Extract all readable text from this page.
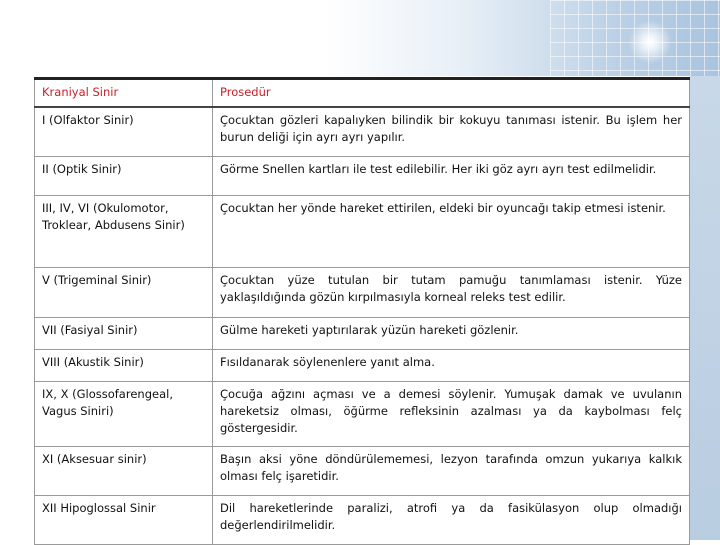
Kraniyal Sinir	Prosedür
I (Olfaktor Sinir)	Çocuktan gözleri kapalıyken bilindik bir kokuyu tanıması istenir. Bu işlem her burun deliği için ayrı ayrı yapılır.
II (Optik Sinir)	Görme Snellen kartları ile test edilebilir. Her iki göz ayrı ayrı test edilmelidir.
III, IV, VI (Okulomotor, Troklear, Abdusens Sinir)	Çocuktan her yönde hareket ettirilen, eldeki bir oyuncağı takip etmesi istenir.
V (Trigeminal Sinir)	Çocuktan yüze tutulan bir tutam pamuğu tanımlaması istenir. Yüze yaklaşıldığında gözün kırpılmasıyla korneal releks test edilir.
VII (Fasiyal Sinir)	Gülme hareketi yaptırılarak yüzün hareketi gözlenir.
VIII (Akustik Sinir)	Fısıldanarak söylenenlere yanıt alma.
IX, X (Glossofarengeal, Vagus Siniri)	Çocuğa ağzını açması ve a demesi söylenir. Yumuşak damak ve uvulanın hareketsiz olması, öğürme refleksinin azalması ya da kaybolması felç göstergesidir.
XI (Aksesuar sinir)	Başın aksi yöne döndürülememesi, lezyon tarafında omzun yukarıya kalkık olması felç işaretidir.
XII Hipoglossal Sinir	Dil hareketlerinde paralizi, atrofi ya da fasikülasyon olup olmadığı değerlendirilmelidir.
